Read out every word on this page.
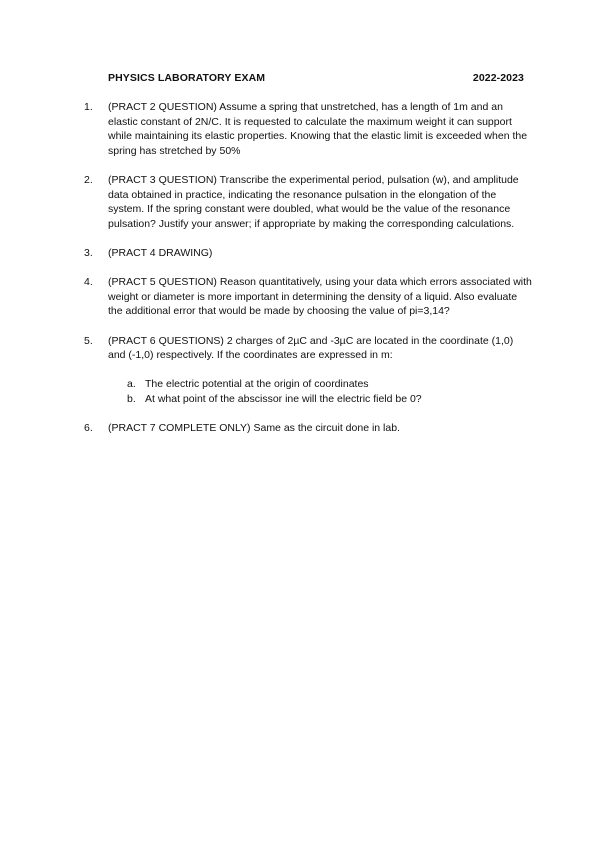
PHYSICS LABORATORY EXAM	2022-2023
1.	(PRACT 2 QUESTION) Assume a spring that unstretched, has a length of 1m and an elastic constant of 2N/C. It is requested to calculate the maximum weight it can support while maintaining its elastic properties. Knowing that the elastic limit is exceeded when the spring has stretched by 50%
2.	(PRACT 3 QUESTION) Transcribe the experimental period, pulsation (w), and amplitude data obtained in practice, indicating the resonance pulsation in the elongation of the system. If the spring constant were doubled, what would be the value of the resonance pulsation? Justify your answer; if appropriate by making the corresponding calculations.
3.	(PRACT 4 DRAWING)
4.	(PRACT 5 QUESTION) Reason quantitatively, using your data which errors associated with weight or diameter is more important in determining the density of a liquid. Also evaluate the additional error that would be made by choosing the value of pi=3,14?
5.	(PRACT 6 QUESTIONS) 2 charges of 2µC and -3µC are located in the coordinate (1,0) and (-1,0) respectively. If the coordinates are expressed in m:
a. The electric potential at the origin of coordinates
b. At what point of the abscissor ine will the electric field be 0?
6.	(PRACT 7 COMPLETE ONLY) Same as the circuit done in lab.
